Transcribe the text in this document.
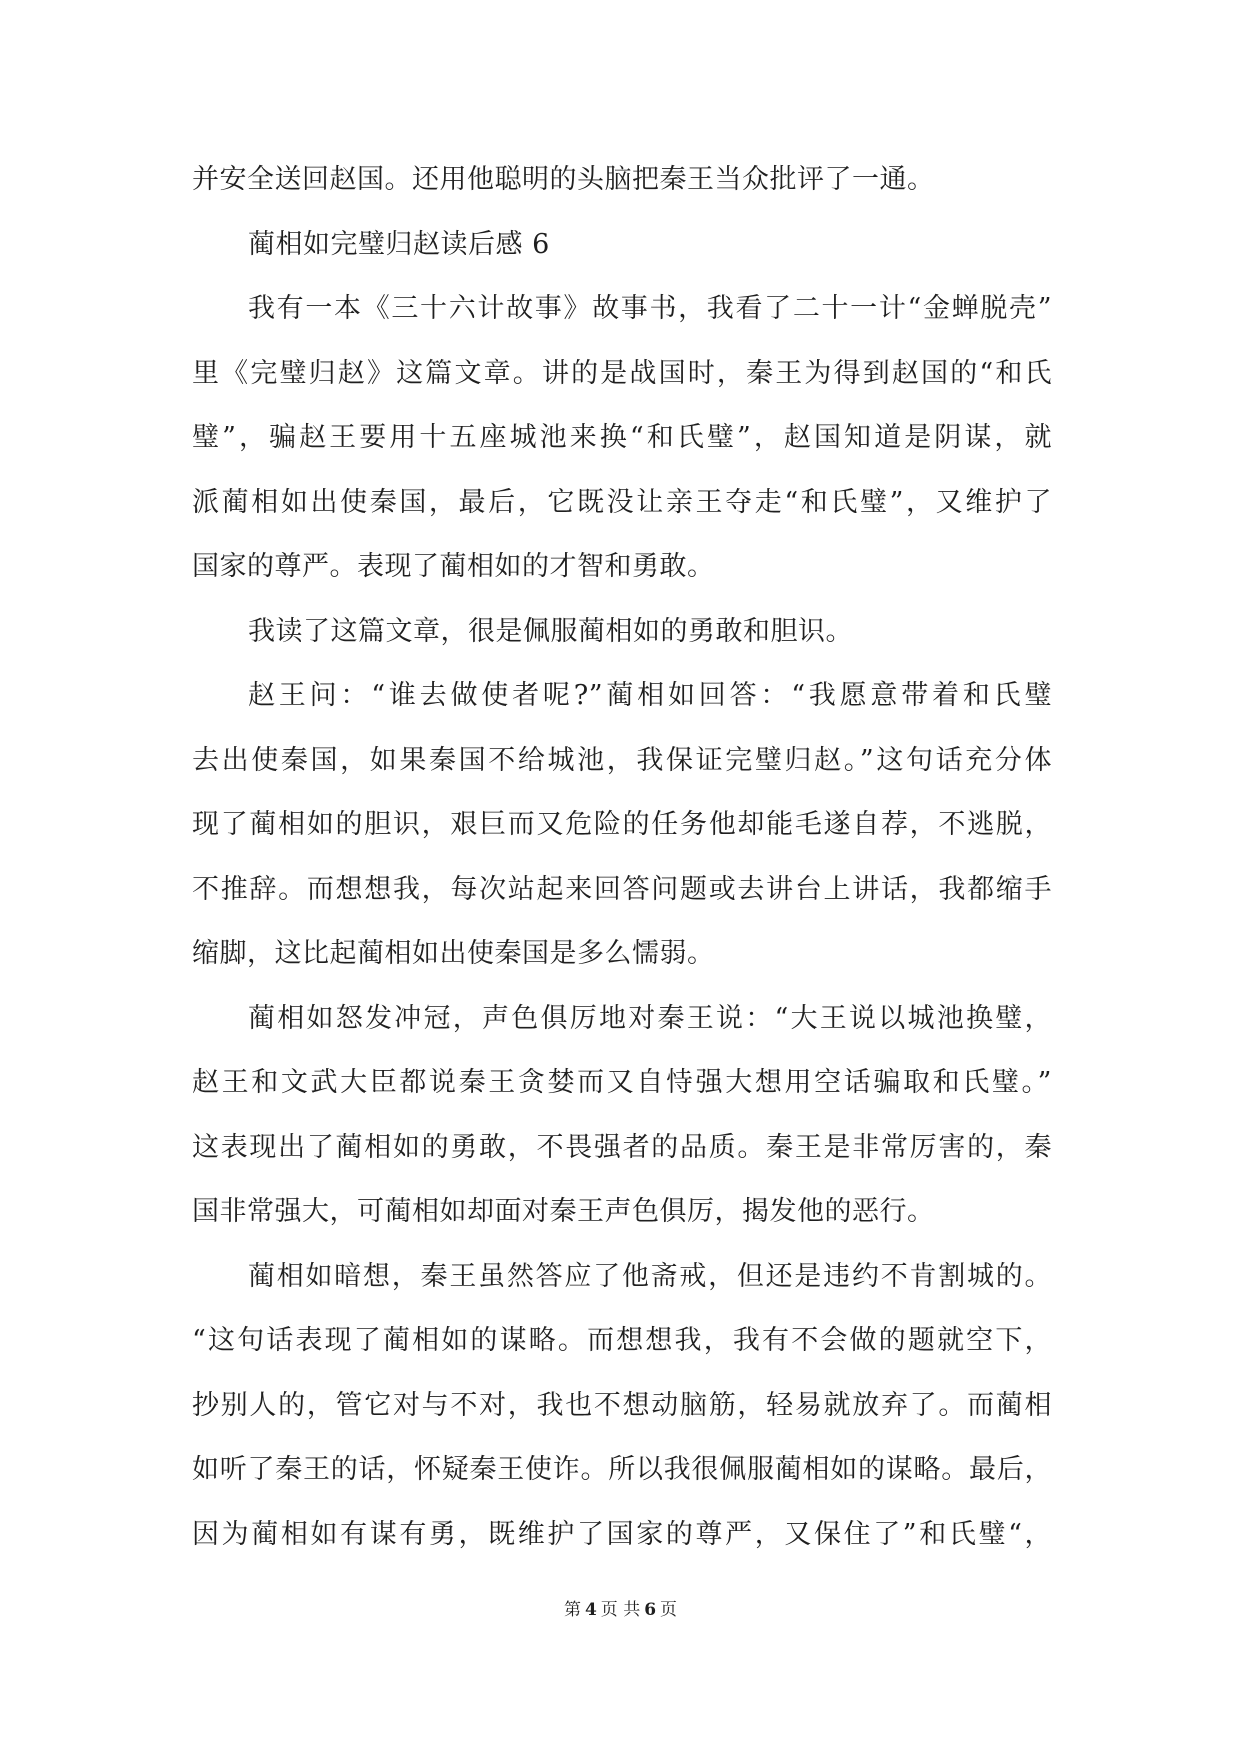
并安全送回赵国。还用他聪明的头脑把秦王当众批评了一通。
蔺相如完璧归赵读后感 6
我有一本《三十六计故事》故事书，我看了二十一计“金蝉脱壳”
里《完璧归赵》这篇文章。讲的是战国时，秦王为得到赵国的“和氏
璧”，骗赵王要用十五座城池来换“和氏璧”，赵国知道是阴谋，就
派蔺相如出使秦国，最后，它既没让亲王夺走“和氏璧”，又维护了
国家的尊严。表现了蔺相如的才智和勇敢。
我读了这篇文章，很是佩服蔺相如的勇敢和胆识。
赵王问：“谁去做使者呢?”蔺相如回答：“我愿意带着和氏璧
去出使秦国，如果秦国不给城池，我保证完璧归赵。”这句话充分体
现了蔺相如的胆识，艰巨而又危险的任务他却能毛遂自荐，不逃脱，
不推辞。而想想我，每次站起来回答问题或去讲台上讲话，我都缩手
缩脚，这比起蔺相如出使秦国是多么懦弱。
蔺相如怒发冲冠，声色俱厉地对秦王说：“大王说以城池换璧，
赵王和文武大臣都说秦王贪婪而又自恃强大想用空话骗取和氏璧。”
这表现出了蔺相如的勇敢，不畏强者的品质。秦王是非常厉害的，秦
国非常强大，可蔺相如却面对秦王声色俱厉，揭发他的恶行。
蔺相如暗想，秦王虽然答应了他斋戒，但还是违约不肯割城的。
“这句话表现了蔺相如的谋略。而想想我，我有不会做的题就空下，
抄别人的，管它对与不对，我也不想动脑筋，轻易就放弃了。而蔺相
如听了秦王的话，怀疑秦王使诈。所以我很佩服蔺相如的谋略。最后，
因为蔺相如有谋有勇，既维护了国家的尊严，又保住了”和氏璧“，
第 4 页 共 6 页
